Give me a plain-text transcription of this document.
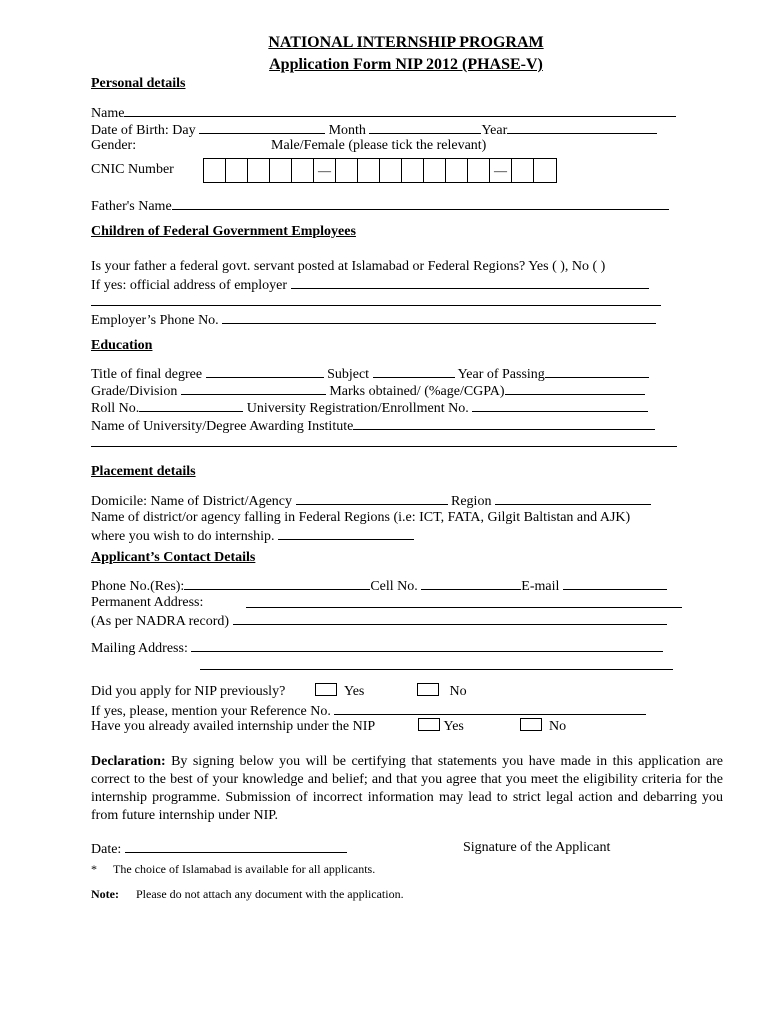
NATIONAL INTERNSHIP PROGRAM
Application Form NIP 2012 (PHASE-V)
Personal details
Name
Date of Birth: Day	Month	Year
Gender:	Male/Female (please tick the relevant)
CNIC Number	—	—
Father's Name
Children of Federal Government Employees
Is your father a federal govt. servant posted at Islamabad or Federal Regions? Yes ( ), No ( )
If yes: official address of employer
Employer’s Phone No.
Education
Title of final degree	Subject	Year of Passing
Grade/Division	Marks obtained/ (%age/CGPA)
Roll No.	University Registration/Enrollment No.
Name of University/Degree Awarding Institute
Placement details
Domicile: Name of District/Agency	Region
Name of district/or agency falling in Federal Regions (i.e: ICT, FATA, Gilgit Baltistan and AJK)
where you wish to do internship.
Applicant’s Contact Details
Phone No.(Res):	Cell No.	E-mail
Permanent Address:
(As per NADRA record)
Mailing Address:
Did you apply for NIP previously?	Yes	No
If yes, please, mention your Reference No.
Have you already availed internship under the NIP	Yes	No
Declaration: By signing below you will be certifying that statements you have made in this application are correct to the best of your knowledge and belief; and that you agree that you meet the eligibility criteria for the internship programme. Submission of incorrect information may lead to strict legal action and debarring you from future internship under NIP.
Date:	Signature of the Applicant
* The choice of Islamabad is available for all applicants.
Note: Please do not attach any document with the application.
